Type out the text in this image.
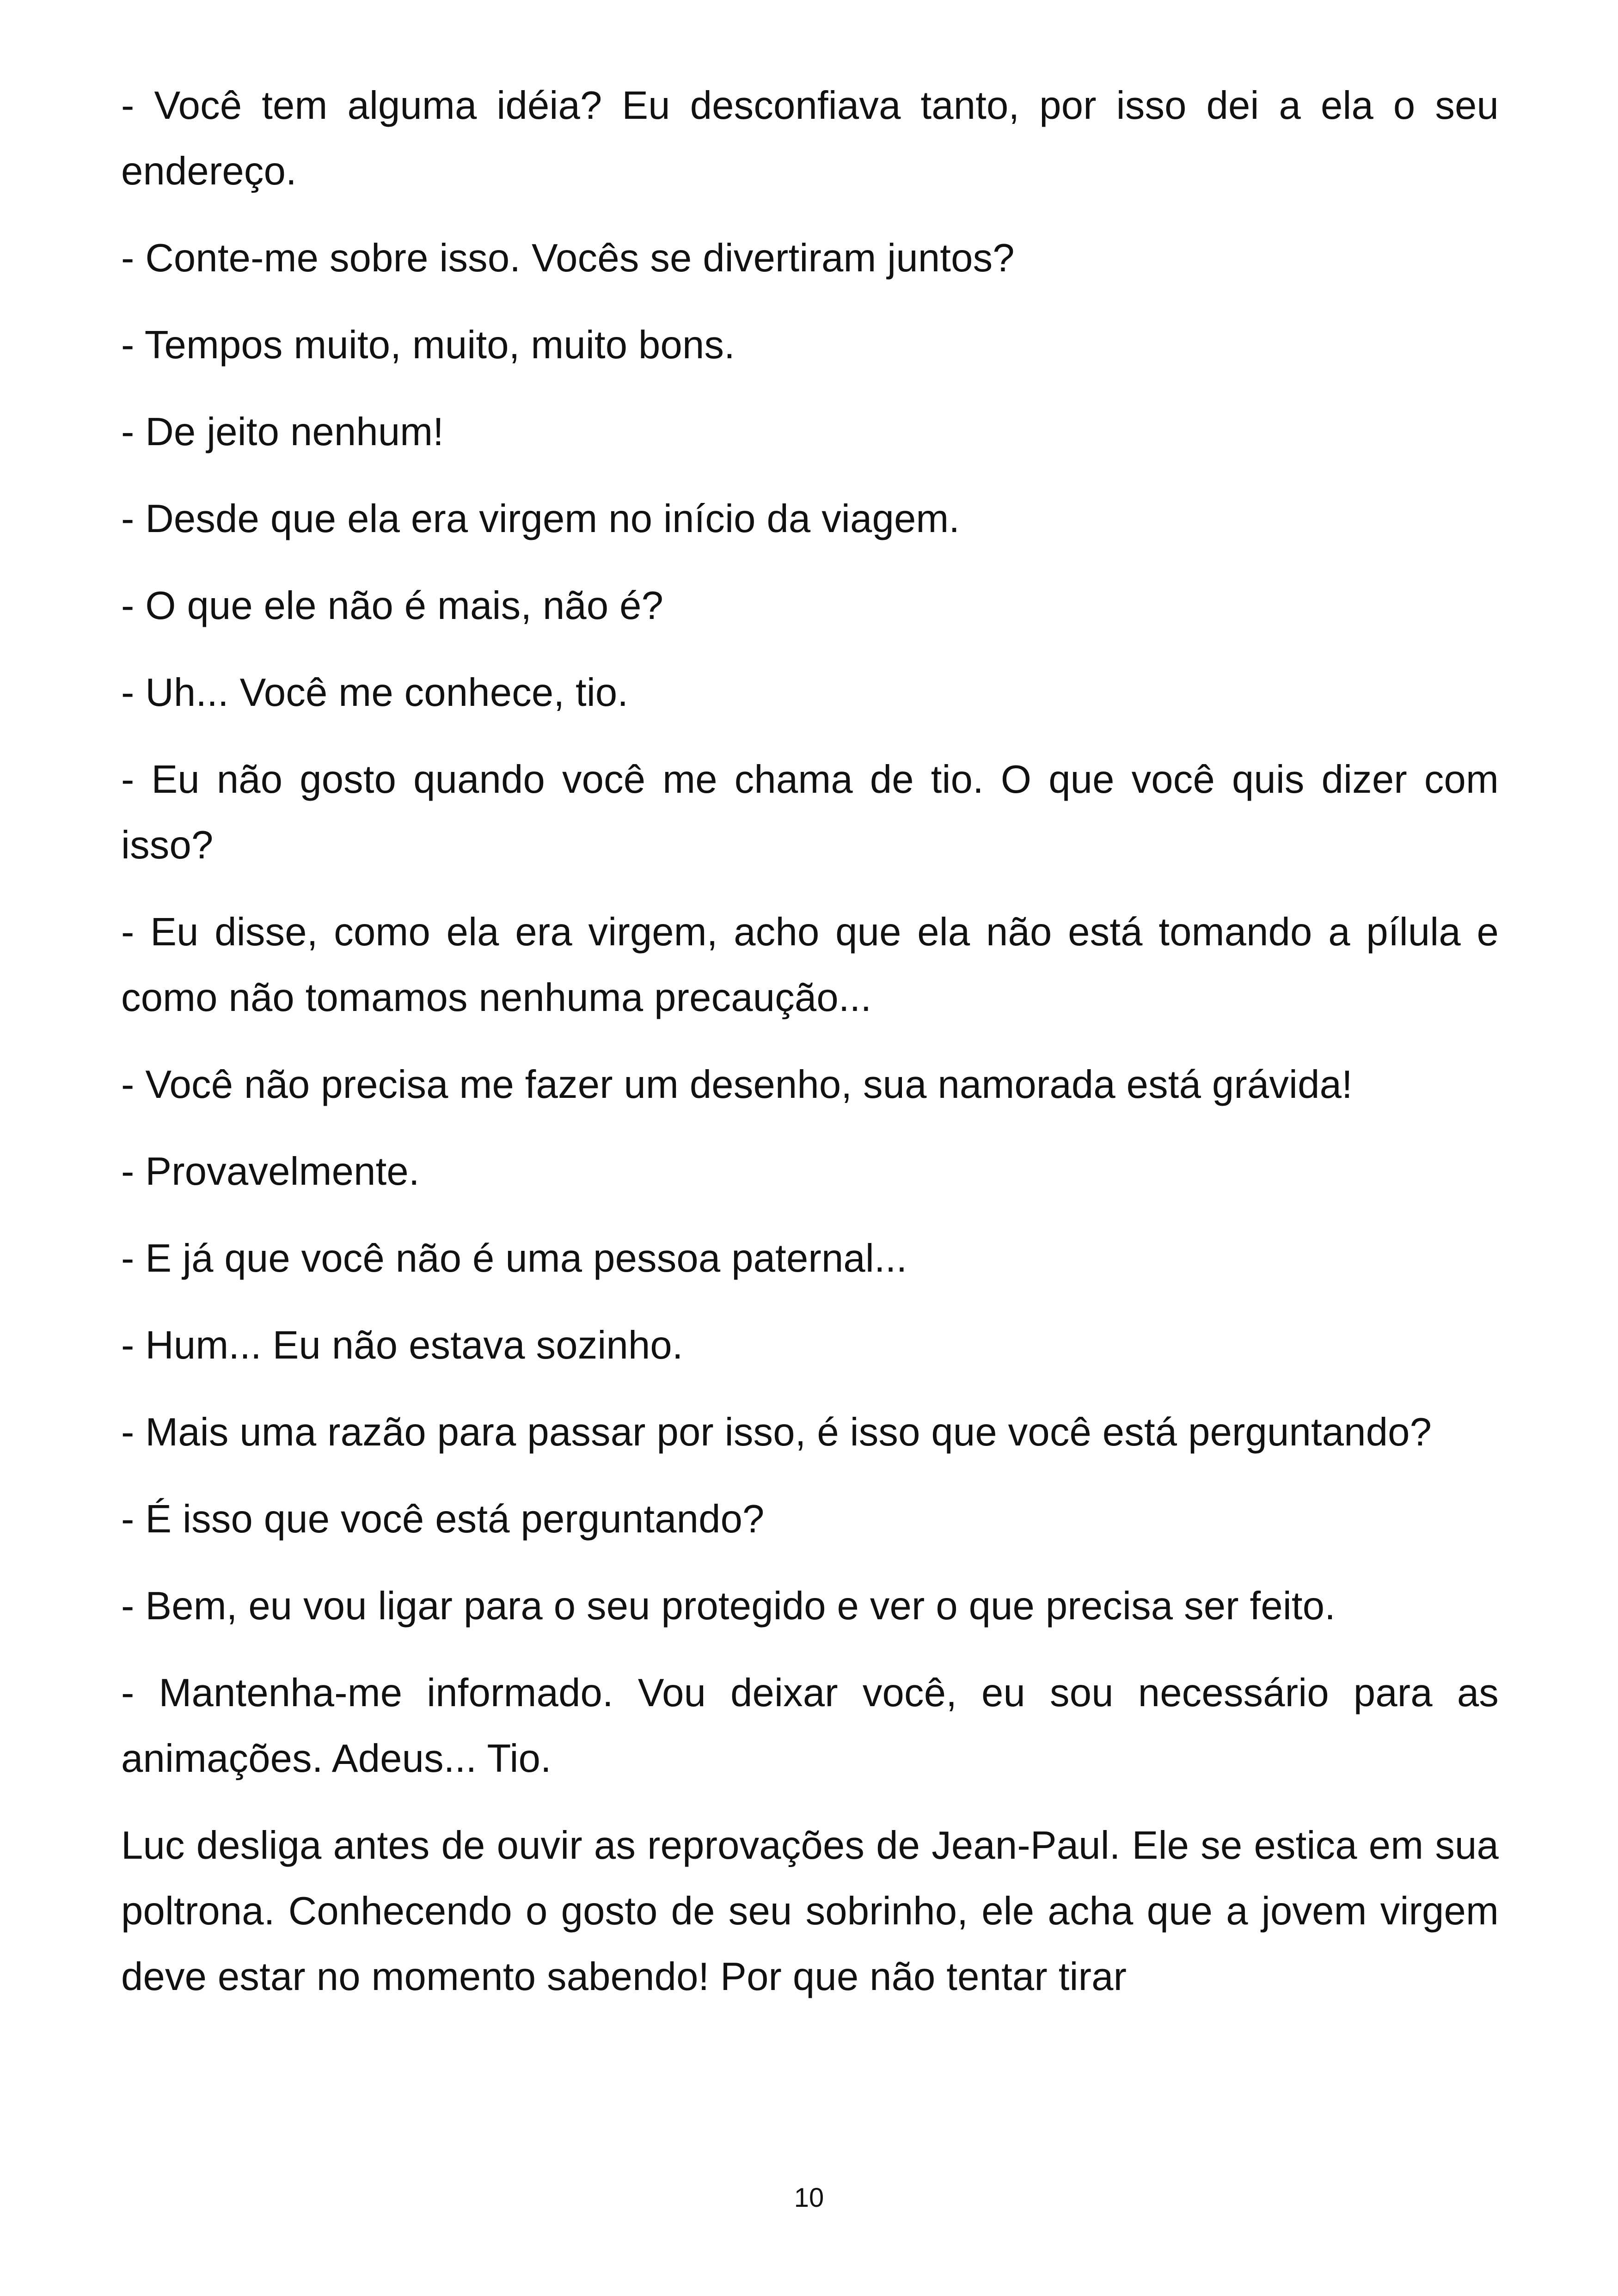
- Você tem alguma idéia? Eu desconfiava tanto, por isso dei a ela o seu endereço.

- Conte-me sobre isso. Vocês se divertiram juntos?

- Tempos muito, muito, muito bons.

- De jeito nenhum!

- Desde que ela era virgem no início da viagem.

- O que ele não é mais, não é?

- Uh... Você me conhece, tio.

- Eu não gosto quando você me chama de tio. O que você quis dizer com isso?

- Eu disse, como ela era virgem, acho que ela não está tomando a pílula e como não tomamos nenhuma precaução...

- Você não precisa me fazer um desenho, sua namorada está grávida!

- Provavelmente.

- E já que você não é uma pessoa paternal...

- Hum... Eu não estava sozinho.

- Mais uma razão para passar por isso, é isso que você está perguntando?

- É isso que você está perguntando?

- Bem, eu vou ligar para o seu protegido e ver o que precisa ser feito.

- Mantenha-me informado. Vou deixar você, eu sou necessário para as animações. Adeus... Tio.

Luc desliga antes de ouvir as reprovações de Jean-Paul. Ele se estica em sua poltrona. Conhecendo o gosto de seu sobrinho, ele acha que a jovem virgem deve estar no momento sabendo! Por que não tentar tirar

10
